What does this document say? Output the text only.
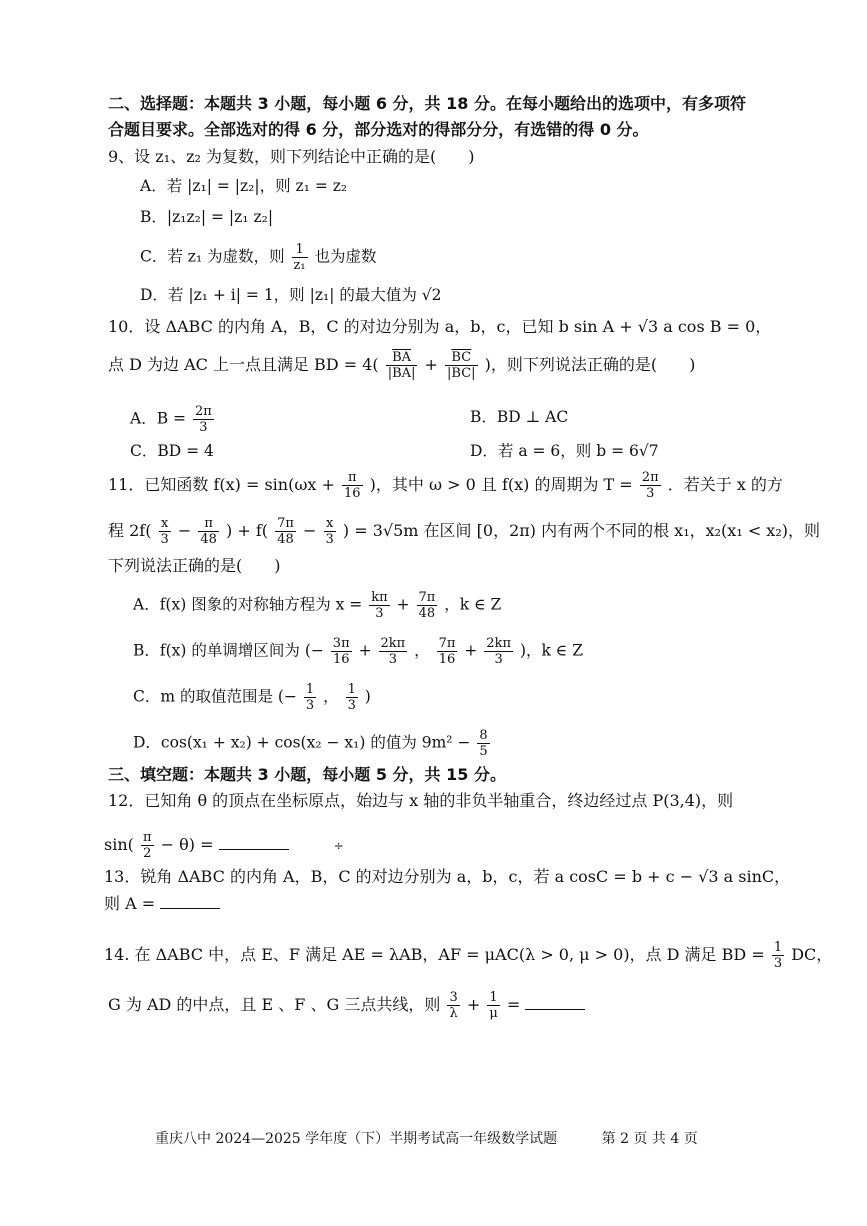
二、选择题：本题共 3 小题，每小题 6 分，共 18 分。在每小题给出的选项中，有多项符
合题目要求。全部选对的得 6 分，部分选对的得部分分，有选错的得 0 分。
9、设 z₁、z₂ 为复数，则下列结论中正确的是(　　)
A．若 |z₁| = |z₂|，则 z₁ = z₂
B．|z₁z₂| = |z₁ z₂|
C．若 z₁ 为虚数，则 $\frac{1}{\text{z₁}}$ 也为虚数
D．若 |z₁ + i| = 1，则 |z₁| 的最大值为 √2
10．设 ΔABC 的内角 A，B，C 的对边分别为 a，b，c，已知 b sin A + √3 a cos B = 0，
点 D 为边 AC 上一点且满足 BD = $4( \frac{\overline{BA}}{|BA|} + \frac{\overline{BC}}{|BC|}$ )，则下列说法正确的是(　　)
A．$B = \frac{2\pi}{3}$	B．BD ⊥ AC
C．BD = 4	D．若 a = 6，则 b = 6√7
11．已知函数 $f(x) = \sin(\omega x + \frac{\pi}{16}$ )，其中 ω > 0 且 f(x) 的周期为 $T = \frac{2\pi}{3}$ ．若关于 x 的方
程 $2f( \frac{x}{3} - \frac{\pi}{48}$ ) + $f( \frac{7\pi}{48} - \frac{x}{3}$ ) = 3√5m 在区间 [0，2π) 内有两个不同的根 x₁，x₂(x₁ < x₂)，则
下列说法正确的是(　　)
A．f(x) 图象的对称轴方程为 $x = \frac{k\pi}{3} + \frac{7\pi}{48}$ ，k ∈ Z
B．f(x) 的单调增区间为 (− $\frac{3\pi}{16} + \frac{2k\pi}{3}$ ， $\frac{7\pi}{16} + \frac{2k\pi}{3}$ )，k ∈ Z
C．m 的取值范围是 (− $\frac{1}{3}$ ， $\frac{1}{3}$ )
D．cos(x₁ + x₂) + cos(x₂ − x₁) 的值为 $9m^2 - \frac{8}{5}$
三、填空题：本题共 3 小题，每小题 5 分，共 15 分。
12．已知角 θ 的顶点在坐标原点，始边与 x 轴的非负半轴重合，终边经过点 P(3,4)，则
$\sin( \frac{\pi}{2} - \theta)$ =	÷
13．锐角 ΔABC 的内角 A，B，C 的对边分别为 a，b，c，若 a cosC = b + c − √3 a sinC，
则 A =
14. 在 ΔABC 中，点 E、F 满足 AE = λAB，AF = μAC(λ > 0, μ > 0)，点 D 满足 BD = $\frac{1}{3}$ DC，
G 为 AD 的中点，且 E 、F 、G 三点共线，则 $\frac{3}{\lambda} + \frac{1}{\mu}$ =
重庆八中 2024—2025 学年度（下）半期考试高一年级数学试题	第 2 页 共 4 页
